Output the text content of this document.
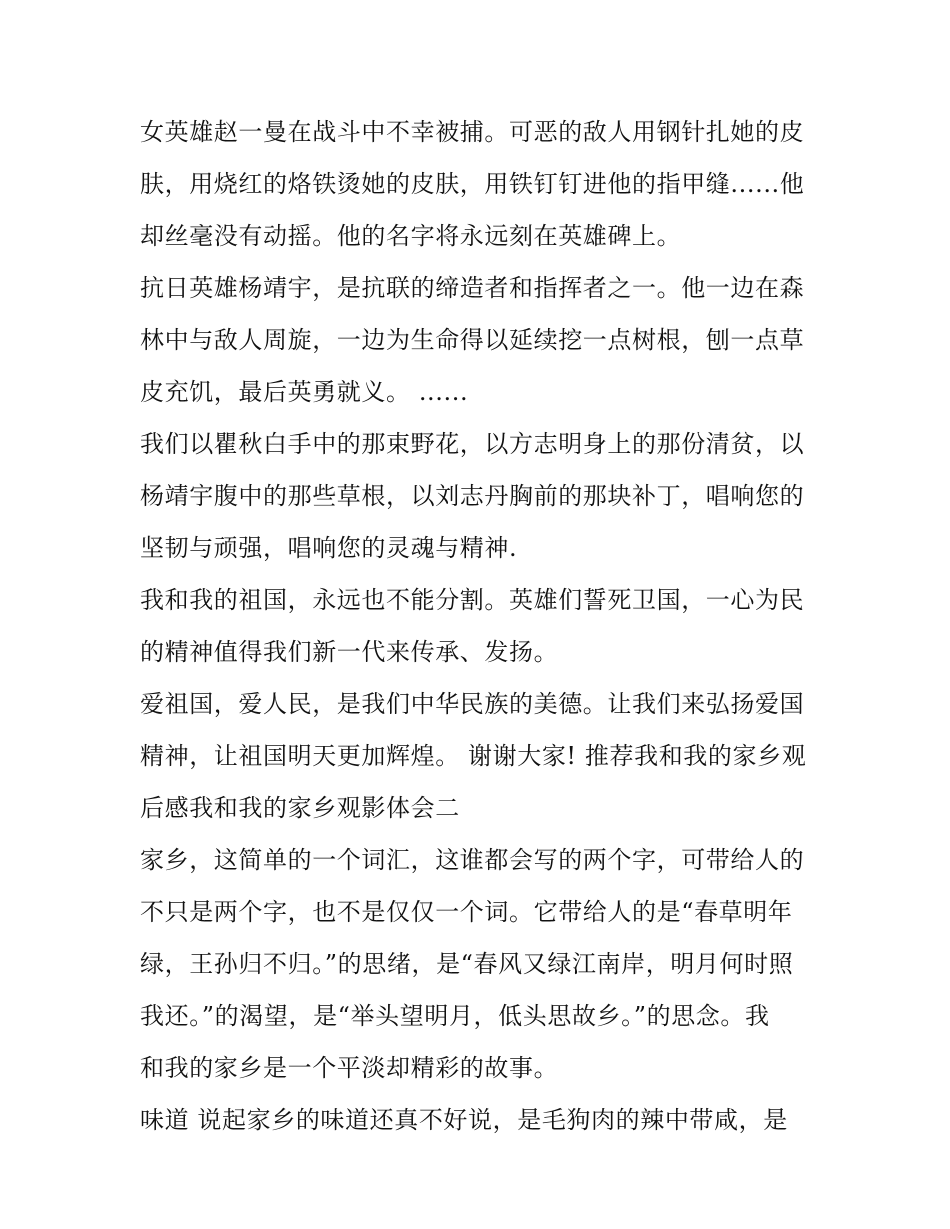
女英雄赵一曼在战斗中不幸被捕。可恶的敌人用钢针扎她的皮
肤，用烧红的烙铁烫她的皮肤，用铁钉钉进他的指甲缝......他
却丝毫没有动摇。他的名字将永远刻在英雄碑上。
抗日英雄杨靖宇，是抗联的缔造者和指挥者之一。他一边在森
林中与敌人周旋，一边为生命得以延续挖一点树根，刨一点草
皮充饥，最后英勇就义。 ......
我们以瞿秋白手中的那束野花，以方志明身上的那份清贫，以
杨靖宇腹中的那些草根，以刘志丹胸前的那块补丁，唱响您的
坚韧与顽强，唱响您的灵魂与精神.
我和我的祖国，永远也不能分割。英雄们誓死卫国，一心为民
的精神值得我们新一代来传承、发扬。
爱祖国，爱人民，是我们中华民族的美德。让我们来弘扬爱国
精神，让祖国明天更加辉煌。 谢谢大家! 推荐我和我的家乡观
后感我和我的家乡观影体会二
家乡，这简单的一个词汇，这谁都会写的两个字，可带给人的
不只是两个字，也不是仅仅一个词。它带给人的是“春草明年
绿，王孙归不归。”的思绪，是“春风又绿江南岸，明月何时照
我还。”的渴望，是“举头望明月，低头思故乡。”的思念。我
和我的家乡是一个平淡却精彩的故事。
味道 说起家乡的味道还真不好说，是毛狗肉的辣中带咸，是
